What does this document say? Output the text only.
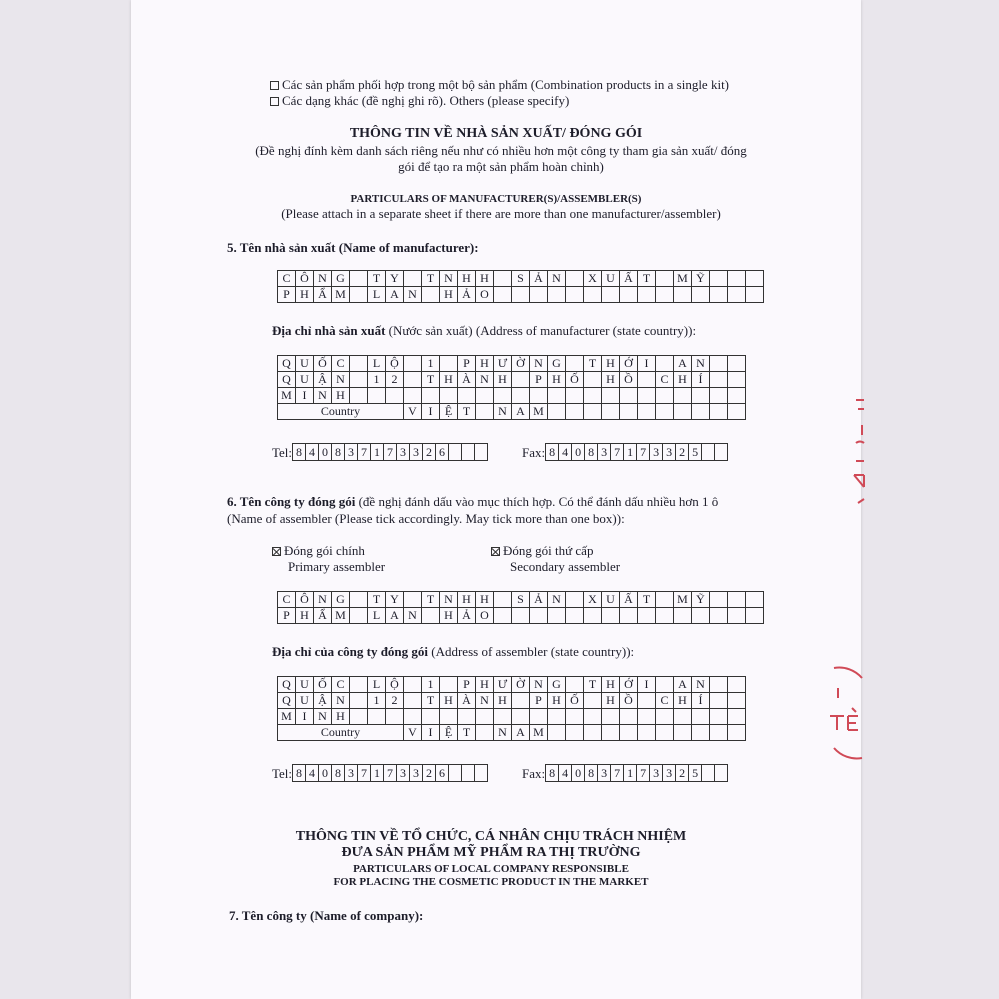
Các sản phẩm phối hợp trong một bộ sản phẩm (Combination products in a single kit)
Các dạng khác (đề nghị ghi rõ). Others (please specify)
THÔNG TIN VỀ NHÀ SẢN XUẤT/ ĐÓNG GÓI
(Đề nghị đính kèm danh sách riêng nếu như có nhiều hơn một công ty tham gia sản xuất/ đóng
gói để tạo ra một sản phẩm hoàn chỉnh)
PARTICULARS OF MANUFACTURER(S)/ASSEMBLER(S)
(Please attach in a separate sheet if there are more than one manufacturer/assembler)
5. Tên nhà sản xuất (Name of manufacturer):
C	Ô	N	G		T	Y		T	N	H	H		S	Ả	N		X	U	Ấ	T		M	Ỹ			
P	H	Ẩ	M		L	A	N		H	Ả	O															
Địa chỉ nhà sản xuất (Nước sản xuất) (Address of manufacturer (state country)):
Q	U	Ố	C		L	Ộ		1		P	H	Ư	Ờ	N	G		T	H	Ớ	I		A	N		
Q	U	Ậ	N		1	2		T	H	À	N	H		P	H	Ố		H	Ồ		C	H	Í		
M	I	N	H																						
Country							V	I	Ệ	T		N	A	M											
Tel: 8 4 0 8 3 7 1 7 3 3 2 6	Fax: 8 4 0 8 3 7 1 7 3 3 2 5
6. Tên công ty đóng gói (đề nghị đánh dấu vào mục thích hợp. Có thể đánh dấu nhiều hơn 1 ô
(Name of assembler (Please tick accordingly. May tick more than one box)):
Đóng gói chính
Primary assembler
Đóng gói thứ cấp
Secondary assembler
C	Ô	N	G		T	Y		T	N	H	H		S	Ả	N		X	U	Ấ	T		M	Ỹ			
P	H	Ẩ	M		L	A	N		H	Ả	O															
Địa chỉ của công ty đóng gói (Address of assembler (state country)):
Q	U	Ố	C		L	Ộ		1		P	H	Ư	Ờ	N	G		T	H	Ớ	I		A	N		
Q	U	Ậ	N		1	2		T	H	À	N	H		P	H	Ố		H	Ồ		C	H	Í		
M	I	N	H																						
Country							V	I	Ệ	T		N	A	M											
Tel: 8 4 0 8 3 7 1 7 3 3 2 6	Fax: 8 4 0 8 3 7 1 7 3 3 2 5
THÔNG TIN VỀ TỔ CHỨC, CÁ NHÂN CHỊU TRÁCH NHIỆM
ĐƯA SẢN PHẨM MỸ PHẨM RA THỊ TRƯỜNG
PARTICULARS OF LOCAL COMPANY RESPONSIBLE
FOR PLACING THE COSMETIC PRODUCT IN THE MARKET
7. Tên công ty (Name of company):
